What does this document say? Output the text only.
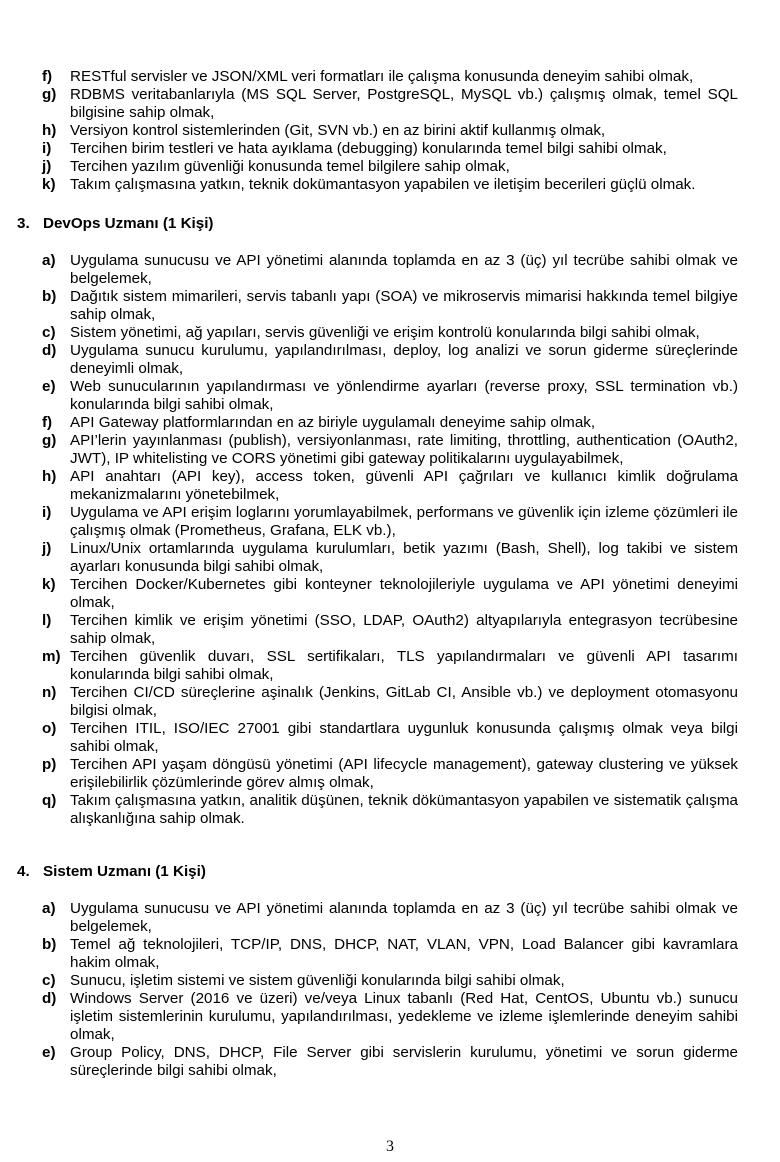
f)	RESTful servisler ve JSON/XML veri formatları ile çalışma konusunda deneyim sahibi olmak,
g) RDBMS veritabanlarıyla (MS SQL Server, PostgreSQL, MySQL vb.) çalışmış olmak, temel SQL bilgisine sahip olmak,
h) Versiyon kontrol sistemlerinden (Git, SVN vb.) en az birini aktif kullanmış olmak,
i)	Tercihen birim testleri ve hata ayıklama (debugging) konularında temel bilgi sahibi olmak,
j)	Tercihen yazılım güvenliği konusunda temel bilgilere sahip olmak,
k) Takım çalışmasına yatkın, teknik dokümantasyon yapabilen ve iletişim becerileri güçlü olmak.
3. DevOps Uzmanı (1 Kişi)
a) Uygulama sunucusu ve API yönetimi alanında toplamda en az 3 (üç) yıl tecrübe sahibi olmak ve belgelemek,
b) Dağıtık sistem mimarileri, servis tabanlı yapı (SOA) ve mikroservis mimarisi hakkında temel bilgiye sahip olmak,
c) Sistem yönetimi, ağ yapıları, servis güvenliği ve erişim kontrolü konularında bilgi sahibi olmak,
d) Uygulama sunucu kurulumu, yapılandırılması, deploy, log analizi ve sorun giderme süreçlerinde deneyimli olmak,
e) Web sunucularının yapılandırması ve yönlendirme ayarları (reverse proxy, SSL termination vb.) konularında bilgi sahibi olmak,
f)	API Gateway platformlarından en az biriyle uygulamalı deneyime sahip olmak,
g) API’lerin yayınlanması (publish), versiyonlanması, rate limiting, throttling, authentication (OAuth2, JWT), IP whitelisting ve CORS yönetimi gibi gateway politikalarını uygulayabilmek,
h) API anahtarı (API key), access token, güvenli API çağrıları ve kullanıcı kimlik doğrulama mekanizmalarını yönetebilmek,
i)	Uygulama ve API erişim loglarını yorumlayabilmek, performans ve güvenlik için izleme çözümleri ile çalışmış olmak (Prometheus, Grafana, ELK vb.),
j)	Linux/Unix ortamlarında uygulama kurulumları, betik yazımı (Bash, Shell), log takibi ve sistem ayarları konusunda bilgi sahibi olmak,
k) Tercihen Docker/Kubernetes gibi konteyner teknolojileriyle uygulama ve API yönetimi deneyimi olmak,
l)	Tercihen kimlik ve erişim yönetimi (SSO, LDAP, OAuth2) altyapılarıyla entegrasyon tecrübesine sahip olmak,
m) Tercihen güvenlik duvarı, SSL sertifikaları, TLS yapılandırmaları ve güvenli API tasarımı konularında bilgi sahibi olmak,
n) Tercihen CI/CD süreçlerine aşinalık (Jenkins, GitLab CI, Ansible vb.) ve deployment otomasyonu bilgisi olmak,
o) Tercihen ITIL, ISO/IEC 27001 gibi standartlara uygunluk konusunda çalışmış olmak veya bilgi sahibi olmak,
p) Tercihen API yaşam döngüsü yönetimi (API lifecycle management), gateway clustering ve yüksek erişilebilirlik çözümlerinde görev almış olmak,
q) Takım çalışmasına yatkın, analitik düşünen, teknik dökümantasyon yapabilen ve sistematik çalışma alışkanlığına sahip olmak.
4. Sistem Uzmanı (1 Kişi)
a) Uygulama sunucusu ve API yönetimi alanında toplamda en az 3 (üç) yıl tecrübe sahibi olmak ve belgelemek,
b) Temel ağ teknolojileri, TCP/IP, DNS, DHCP, NAT, VLAN, VPN, Load Balancer gibi kavramlara hakim olmak,
c) Sunucu, işletim sistemi ve sistem güvenliği konularında bilgi sahibi olmak,
d) Windows Server (2016 ve üzeri) ve/veya Linux tabanlı (Red Hat, CentOS, Ubuntu vb.) sunucu işletim sistemlerinin kurulumu, yapılandırılması, yedekleme ve izleme işlemlerinde deneyim sahibi olmak,
e) Group Policy, DNS, DHCP, File Server gibi servislerin kurulumu, yönetimi ve sorun giderme süreçlerinde bilgi sahibi olmak,
3
